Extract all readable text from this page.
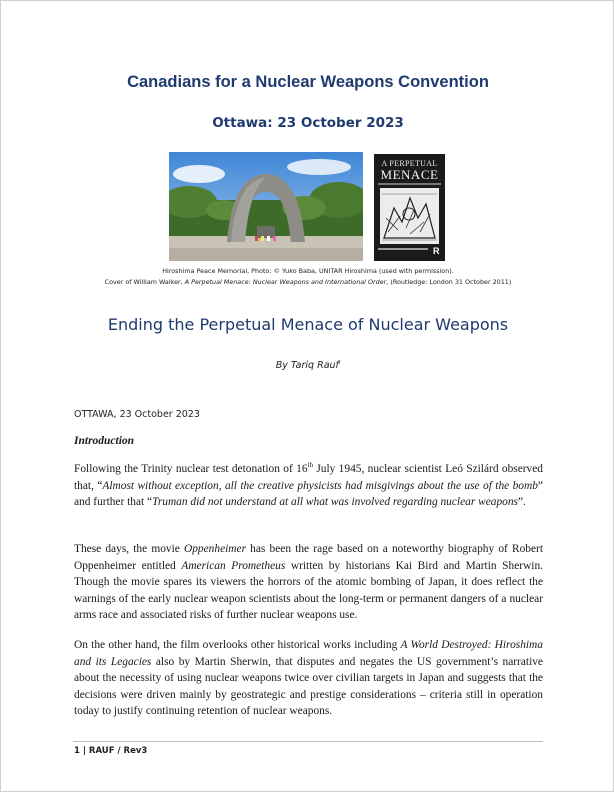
Canadians for a Nuclear Weapons Convention
Ottawa: 23 October 2023
A PERPETUAL
MENACE
R
Hiroshima Peace Memorial, Photo: © Yuko Baba, UNITAR Hiroshima (used with permission).
Cover of William Walker, A Perpetual Menace: Nuclear Weapons and International Order, (Routledge: London 31 October 2011)
Ending the Perpetual Menace of Nuclear Weapons
By Tariq Rauf$^i$
OTTAWA, 23 October 2023
Introduction

Following the Trinity nuclear test detonation of 16th July 1945, nuclear scientist Leó Szilárd observed that, “Almost without exception, all the creative physicists had misgivings about the use of the bomb” and further that “Truman did not understand at all what was involved regarding nuclear weapons”.

These days, the movie Oppenheimer has been the rage based on a noteworthy biography of Robert Oppenheimer entitled American Prometheus written by historians Kai Bird and Martin Sherwin. Though the movie spares its viewers the horrors of the atomic bombing of Japan, it does reflect the warnings of the early nuclear weapon scientists about the long-term or permanent dangers of a nuclear arms race and associated risks of further nuclear weapons use.

On the other hand, the film overlooks other historical works including A World Destroyed: Hiroshima and its Legacies also by Martin Sherwin, that disputes and negates the US government’s narrative about the necessity of using nuclear weapons twice over civilian targets in Japan and suggests that the decisions were driven mainly by geostrategic and prestige considerations – criteria still in operation today to justify continuing retention of nuclear weapons.

1 | RAUF / Rev3
